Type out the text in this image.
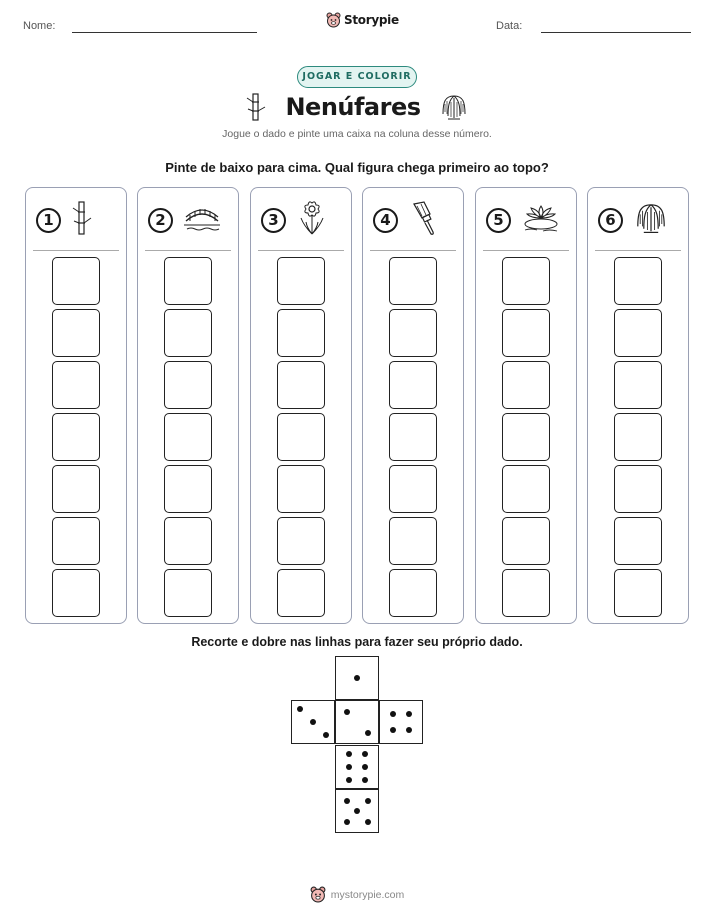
Nome:	Storypie	Data:
JOGAR E COLORIR
Nenúfares
Jogue o dado e pinte uma caixa na coluna desse número.
Pinte de baixo para cima. Qual figura chega primeiro ao topo?
1	2	3	4	5	6
Recorte e dobre nas linhas para fazer seu próprio dado.
mystorypie.com
